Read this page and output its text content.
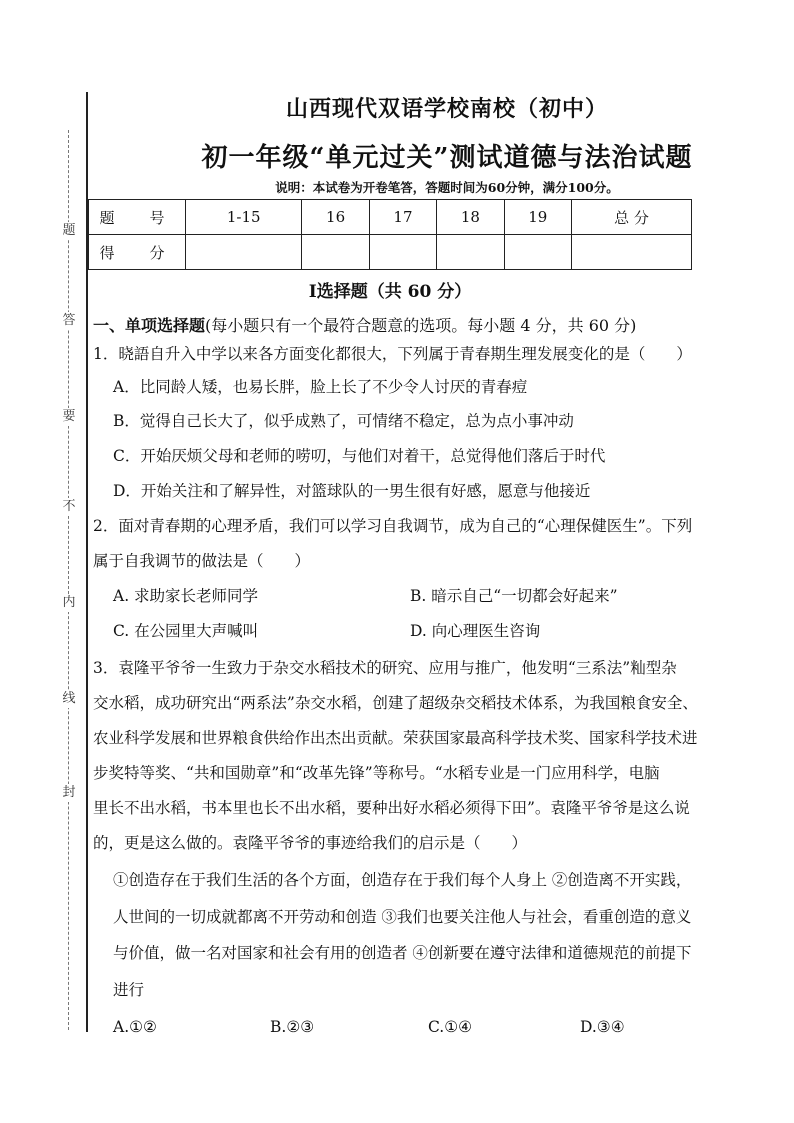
题
答
要
不
内
线
封
山西现代双语学校南校（初中）
初一年级“单元过关”测试道德与法治试题
说明：本试卷为开卷笔答，答题时间为60分钟，满分100分。
题　号	1-15	16	17	18	19	总 分
得　分						
Ⅰ选择题（共 60 分）
一、单项选择题(每小题只有一个最符合题意的选项。每小题 4 分，共 60 分)
1．晓語自升入中学以来各方面变化都很大，下列属于青春期生理发展变化的是（　　）
A．比同龄人矮，也易长胖，脸上长了不少令人讨厌的青春痘
B．觉得自己长大了，似乎成熟了，可情绪不稳定，总为点小事冲动
C．开始厌烦父母和老师的唠叨，与他们对着干，总觉得他们落后于时代
D．开始关注和了解异性，对篮球队的一男生很有好感，愿意与他接近
2．面对青春期的心理矛盾，我们可以学习自我调节，成为自己的“心理保健医生”。下列
属于自我调节的做法是（　　）
A. 求助家长老师同学	B. 暗示自己“一切都会好起来”
C. 在公园里大声喊叫	D. 向心理医生咨询
3．袁隆平爷爷一生致力于杂交水稻技术的研究、应用与推广，他发明“三系法”籼型杂
交水稻，成功研究出“两系法”杂交水稻，创建了超级杂交稻技术体系，为我国粮食安全、
农业科学发展和世界粮食供给作出杰出贡献。荣获国家最高科学技术奖、国家科学技术进
步奖特等奖、“共和国勋章”和“改革先锋”等称号。“水稻专业是一门应用科学，电脑
里长不出水稻，书本里也长不出水稻，要种出好水稻必须得下田”。袁隆平爷爷是这么说
的，更是这么做的。袁隆平爷爷的事迹给我们的启示是（　　）
①创造存在于我们生活的各个方面，创造存在于我们每个人身上 ②创造离不开实践，
人世间的一切成就都离不开劳动和创造 ③我们也要关注他人与社会，看重创造的意义
与价值，做一名对国家和社会有用的创造者 ④创新要在遵守法律和道德规范的前提下
进行
A.①②	B.②③	C.①④	D.③④
